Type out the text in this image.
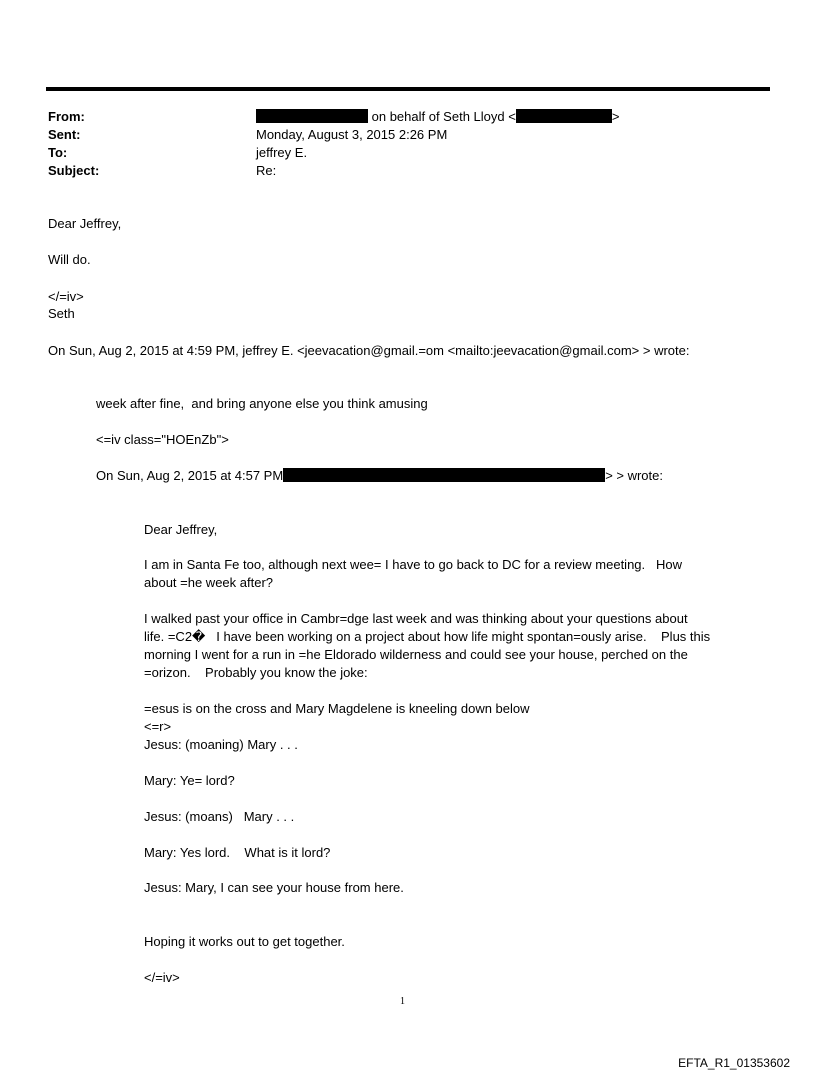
From:	on behalf of Seth Lloyd <	>
Sent:	Monday, August 3, 2015 2:26 PM
To:	jeffrey E.
Subject:	Re:

Dear Jeffrey,

Will do.

</=iv>

Seth

On Sun, Aug 2, 2015 at 4:59 PM, jeffrey E. <jeevacation@gmail.=om <mailto:jeevacation@gmail.com> > wrote:

week after fine,  and bring anyone else you think amusing

<=iv class="HOEnZb">

On Sun, Aug 2, 2015 at 4:57 PM	> > wrote:

Dear Jeffrey,

I am in Santa Fe too, although next wee= I have to go back to DC for a review meeting.   How
about =he week after?

I walked past your office in Cambr=dge last week and was thinking about your questions about
life. =C2�   I have been working on a project about how life might spontan=ously arise.    Plus this
morning I went for a run in =he Eldorado wilderness and could see your house, perched on the
=orizon.    Probably you know the joke:

=esus is on the cross and Mary Magdelene is kneeling down below
<=r>
Jesus: (moaning) Mary . . .

Mary: Ye= lord?

Jesus: (moans)   Mary . . .

Mary: Yes lord.    What is it lord?

Jesus: Mary, I can see your house from here.

Hoping it works out to get together.

</=iv>

1
EFTA_R1_01353602
